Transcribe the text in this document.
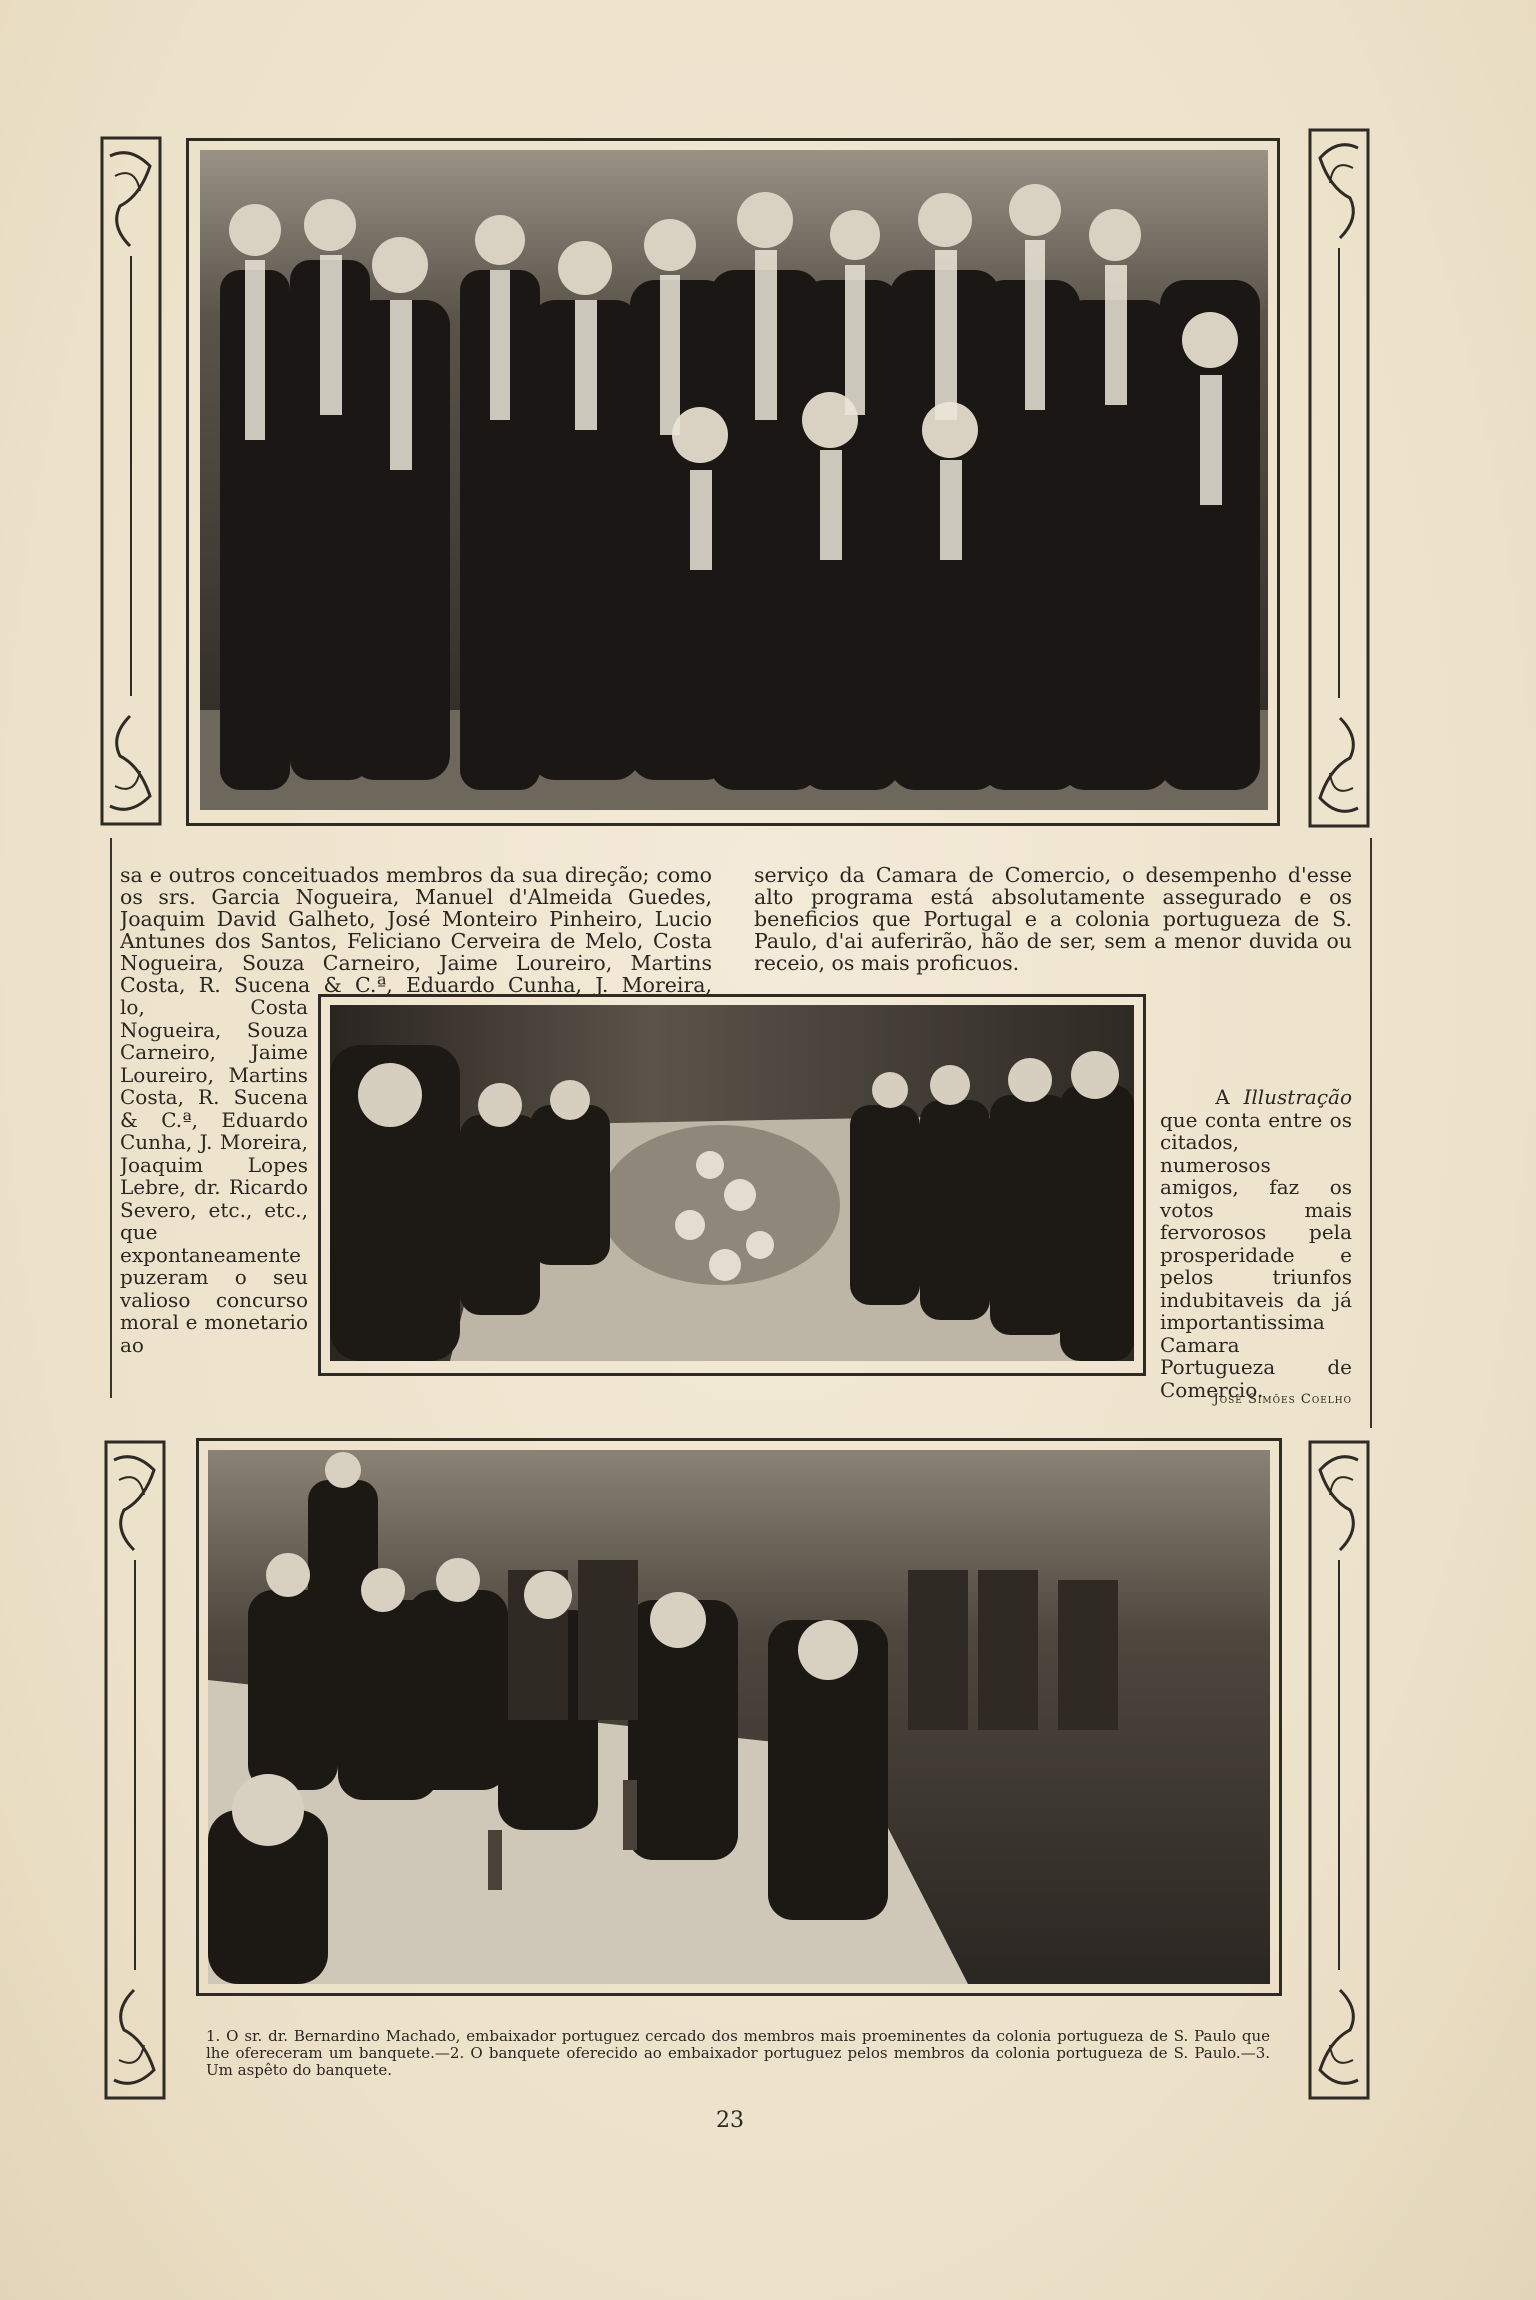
sa e outros conceituados membros da sua direção; como os srs. Garcia Nogueira, Manuel d'Almeida Guedes, Joaquim David Galheto, José Monteiro Pinheiro, Lucio Antunes dos Santos, Feliciano Cerveira de Melo, Costa Nogueira, Souza Carneiro, Jaime Loureiro, Martins Costa, R. Sucena & C.ª, Eduardo Cunha, J. Moreira,

lo, Costa Nogueira, Souza Carneiro, Jaime Loureiro, Martins Costa, R. Sucena & C.ª, Eduardo Cunha, J. Moreira, Joaquim Lopes Lebre, dr. Ricardo Severo, etc., etc., que expontaneamente puzeram o seu valioso concurso moral e monetario ao

serviço da Camara de Comercio, o desempenho d'esse alto programa está absolutamente assegurado e os beneficios que Portugal e a colonia portugueza de S. Paulo, d'ai auferirão, hão de ser, sem a menor duvida ou receio, os mais proficuos.

A Illustração que conta entre os citados, numerosos amigos, faz os votos mais fervorosos pela prosperidade e pelos triunfos indubitaveis da já importantissima Camara Portugueza de Comercio.

José Simões Coelho
1. O sr. dr. Bernardino Machado, embaixador portuguez cercado dos membros mais proeminentes da colonia portugueza de S. Paulo que lhe ofereceram um banquete.—2. O banquete oferecido ao embaixador portuguez pelos membros da colonia portugueza de S. Paulo.—3. Um aspêto do banquete.
23
